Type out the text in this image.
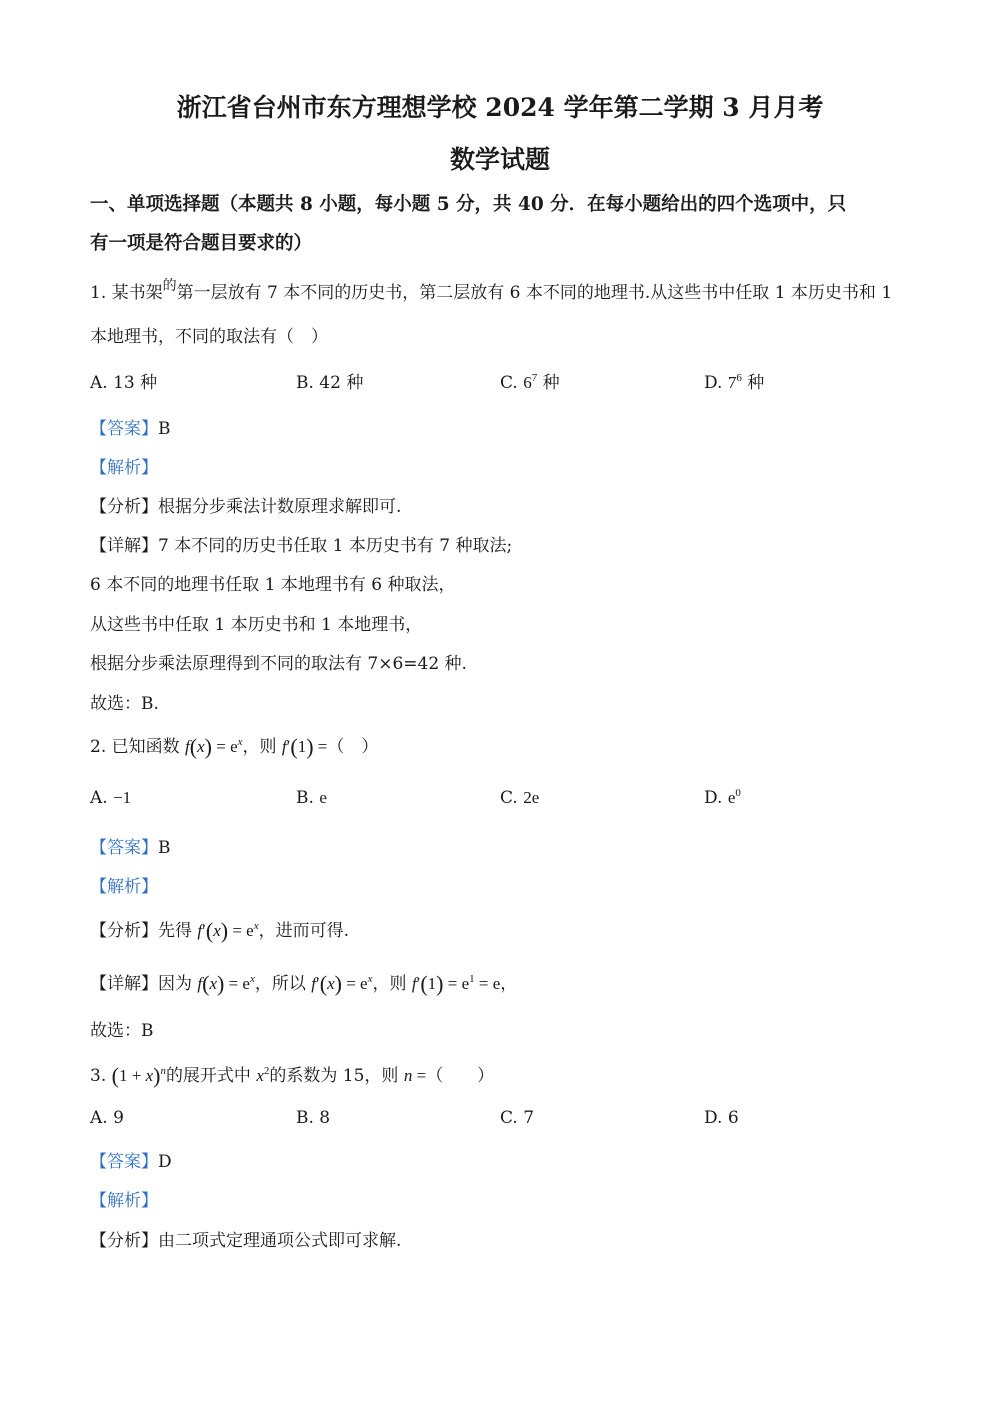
浙江省台州市东方理想学校 2024 学年第二学期 3 月月考
数学试题
一、单项选择题（本题共 8 小题，每小题 5 分，共 40 分．在每小题给出的四个选项中，只
有一项是符合题目要求的）
1. 某书架$^的$第一层放有 7 本不同的历史书，第二层放有 6 本不同的地理书.从这些书中任取 1 本历史书和 1
本地理书，不同的取法有（　）
A. 13 种	B. 42 种	C. $6^7$ 种	D. $7^6$ 种
【答案】B
【解析】
【分析】根据分步乘法计数原理求解即可.
【详解】7 本不同的历史书任取 1 本历史书有 7 种取法;
6 本不同的地理书任取 1 本地理书有 6 种取法，
从这些书中任取 1 本历史书和 1 本地理书，
根据分步乘法原理得到不同的取法有 7×6=42 种.
故选：B.
2. 已知函数 $f(x) = e^x$，则 f′(1) =（　）
A. −1	B. e	C. 2e	D. $e^0$
【答案】B
【解析】
【分析】先得 $f'(x) = e^x$，进而可得.
【详解】因为 $f(x) = e^x$，所以 $f'(x) = e^x$，则 $f'(1) = e^1 = e$，
故选：B
3. $(1 + x)^n$的展开式中 $x^2$的系数为 15，则 n =（　　）
A. 9	B. 8	C. 7	D. 6
【答案】D
【解析】
【分析】由二项式定理通项公式即可求解.
